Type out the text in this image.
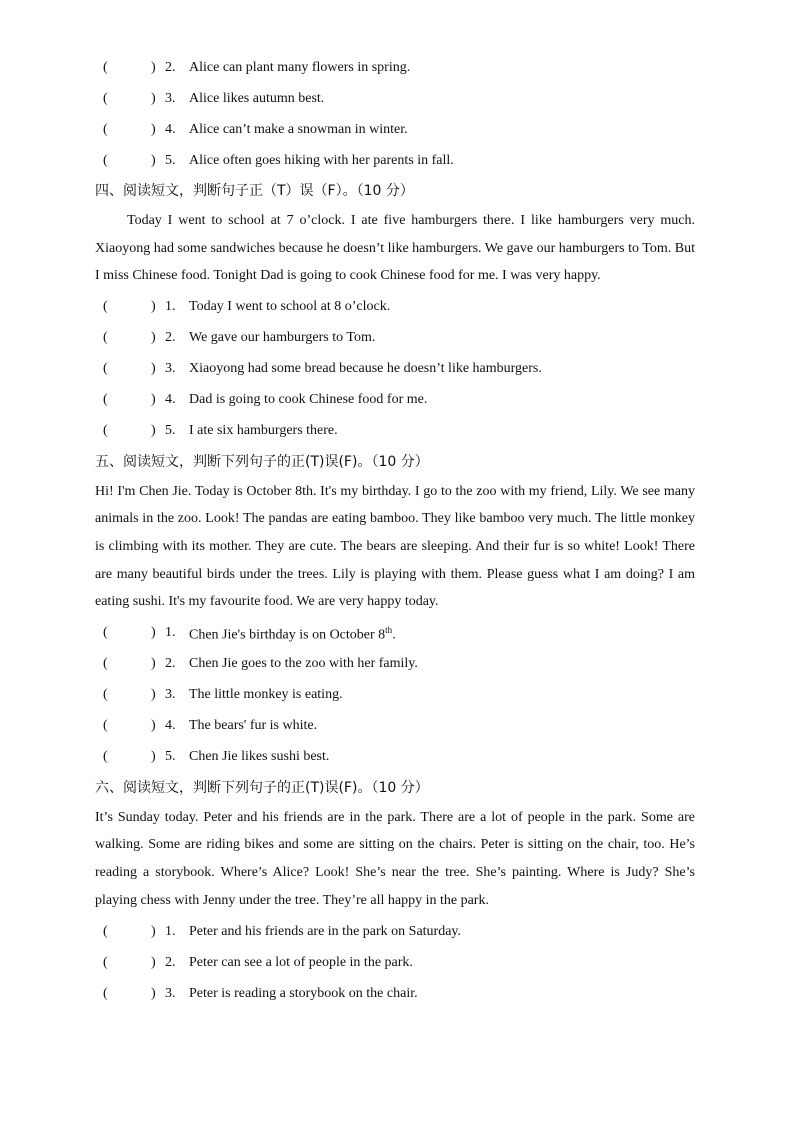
(	) 2. Alice can plant many flowers in spring.
(	) 3. Alice likes autumn best.
(	) 4. Alice can’t make a snowman in winter.
(	) 5. Alice often goes hiking with her parents in fall.
四、阅读短文，判断句子正（T）误（F）。（10 分）

Today I went to school at 7 o’clock. I ate five hamburgers there. I like hamburgers very much. Xiaoyong had some sandwiches because he doesn’t like hamburgers. We gave our hamburgers to Tom. But I miss Chinese food. Tonight Dad is going to cook Chinese food for me. I was very happy.

(	) 1. Today I went to school at 8 o’clock.
(	) 2. We gave our hamburgers to Tom.
(	) 3. Xiaoyong had some bread because he doesn’t like hamburgers.
(	) 4. Dad is going to cook Chinese food for me.
(	) 5. I ate six hamburgers there.
五、阅读短文，判断下列句子的正(T)误(F)。（10 分）

Hi! I'm Chen Jie. Today is October 8th. It's my birthday. I go to the zoo with my friend, Lily. We see many animals in the zoo. Look! The pandas are eating bamboo. They like bamboo very much. The little monkey is climbing with its mother. They are cute. The bears are sleeping. And their fur is so white! Look! There are many beautiful birds under the trees. Lily is playing with them. Please guess what I am doing? I am eating sushi. It's my favourite food. We are very happy today.

(	) 1. Chen Jie's birthday is on October 8th.
(	) 2. Chen Jie goes to the zoo with her family.
(	) 3. The little monkey is eating.
(	) 4. The bears' fur is white.
(	) 5. Chen Jie likes sushi best.
六、阅读短文，判断下列句子的正(T)误(F)。（10 分）

It’s Sunday today. Peter and his friends are in the park. There are a lot of people in the park. Some are walking. Some are riding bikes and some are sitting on the chairs. Peter is sitting on the chair, too. He’s reading a storybook. Where’s Alice? Look! She’s near the tree. She’s painting. Where is Judy? She’s playing chess with Jenny under the tree. They’re all happy in the park.

(	) 1. Peter and his friends are in the park on Saturday.
(	) 2. Peter can see a lot of people in the park.
(	) 3. Peter is reading a storybook on the chair.
